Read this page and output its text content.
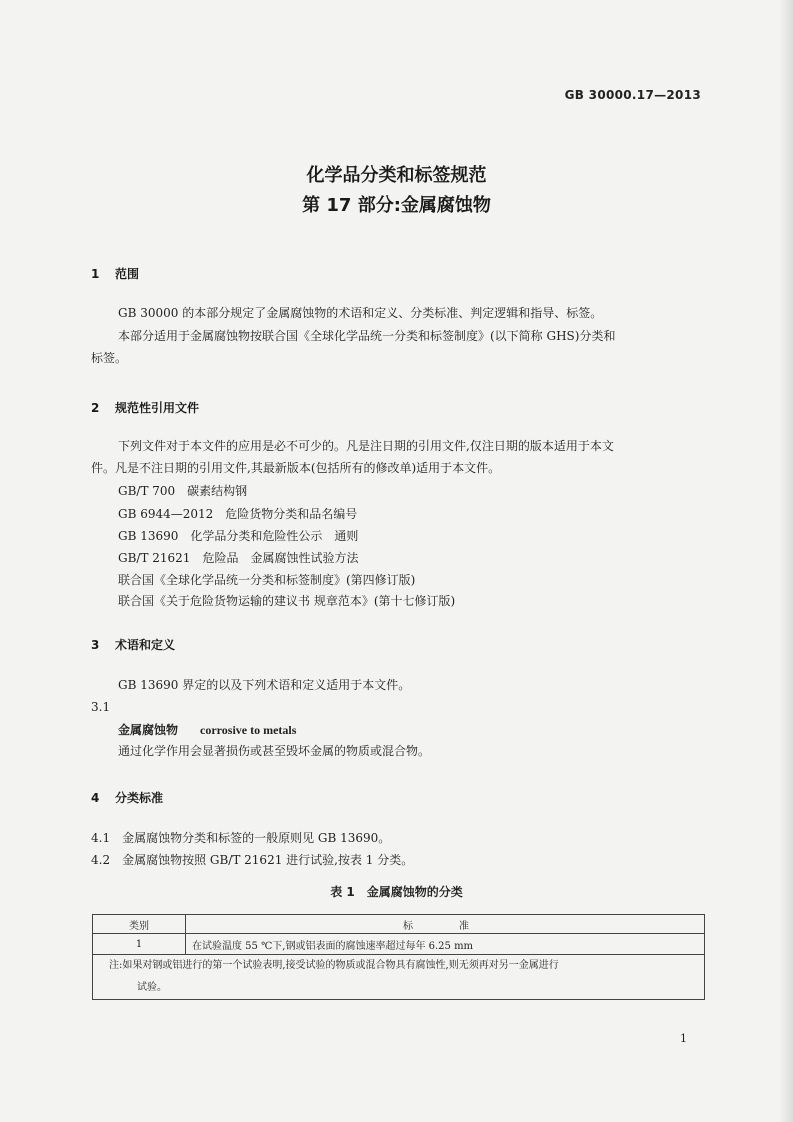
GB 30000.17—2013
化学品分类和标签规范
第 17 部分:金属腐蚀物
1 范围
GB 30000 的本部分规定了金属腐蚀物的术语和定义、分类标准、判定逻辑和指导、标签。
本部分适用于金属腐蚀物按联合国《全球化学品统一分类和标签制度》(以下简称 GHS)分类和
标签。
2 规范性引用文件
下列文件对于本文件的应用是必不可少的。凡是注日期的引用文件,仅注日期的版本适用于本文
件。凡是不注日期的引用文件,其最新版本(包括所有的修改单)适用于本文件。
GB/T 700　碳素结构钢
GB 6944—2012　危险货物分类和品名编号
GB 13690　化学品分类和危险性公示　通则
GB/T 21621　危险品　金属腐蚀性试验方法
联合国《全球化学品统一分类和标签制度》(第四修订版)
联合国《关于危险货物运输的建议书 规章范本》(第十七修订版)
3 术语和定义
GB 13690 界定的以及下列术语和定义适用于本文件。
3.1
金属腐蚀物 corrosive to metals
通过化学作用会显著损伤或甚至毁坏金属的物质或混合物。
4 分类标准
4.1　金属腐蚀物分类和标签的一般原则见 GB 13690。
4.2　金属腐蚀物按照 GB/T 21621 进行试验,按表 1 分类。
表 1　金属腐蚀物的分类
类别	标　准
1	在试验温度 55 ℃下,钢或铝表面的腐蚀速率超过每年 6.25 mm

注:如果对钢或铝进行的第一个试验表明,接受试验的物质或混合物具有腐蚀性,则无须再对另一金属进行
试验。	
1
